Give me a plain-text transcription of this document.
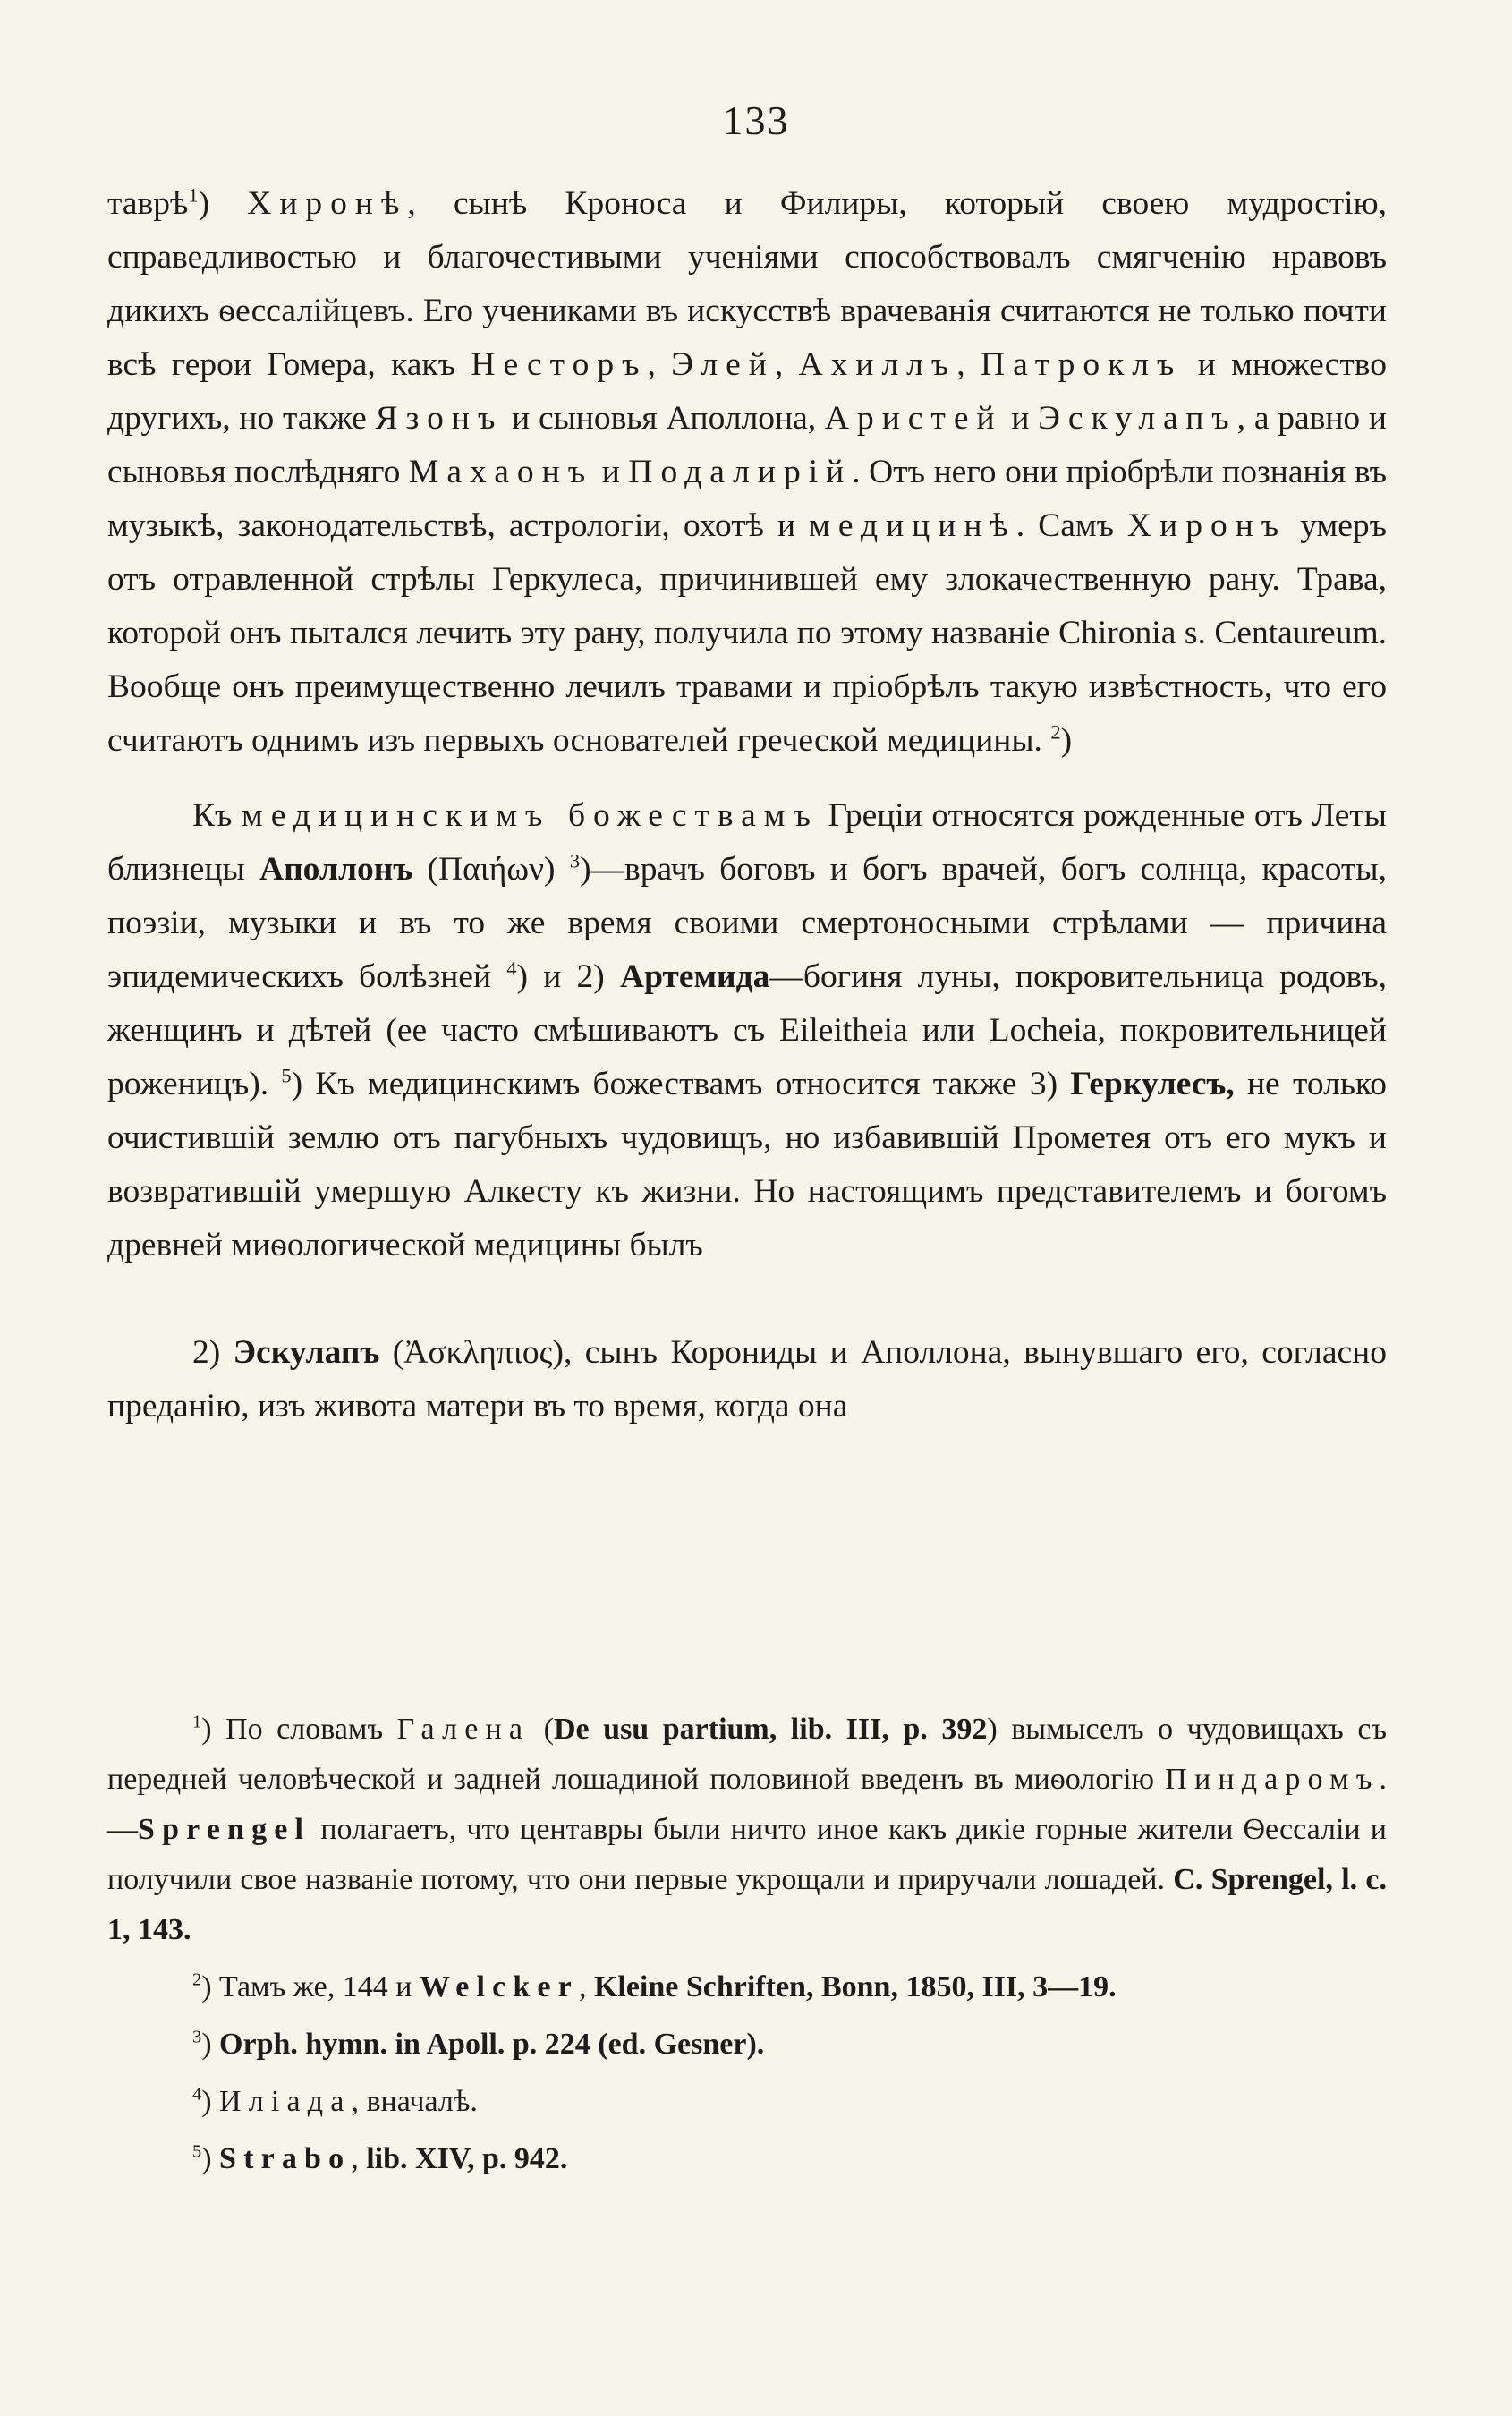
133

таврѣ$^1$) Хиронѣ, сынѣ Кроноса и Филиры, который своею мудростiю, справедливостью и благочестивыми ученiями способствовалъ смягченiю нравовъ дикихъ ѳессалiйцевъ. Его учениками въ искусствѣ врачеванiя считаются не только почти всѣ герои Гомера, какъ Несторъ, Элей, Ахиллъ, Патроклъ и множество другихъ, но также Язонъ и сыновья Аполлона, Аристей и Эскулапъ, а равно и сыновья послѣдняго Махаонъ и Подалирiй. Отъ него они прiобрѣли познанiя въ музыкѣ, законодательствѣ, астрологiи, охотѣ и медицинѣ. Самъ Хиронъ умеръ отъ отравленной стрѣлы Геркулеса, причинившей ему злокачественную рану. Трава, которой онъ пытался лечить эту рану, получила по этому названiе Chironia s. Centaureum. Вообще онъ преимущественно лечилъ травами и прiобрѣлъ такую извѣстность, что его считаютъ однимъ изъ первыхъ основателей греческой медицины. $^2$)

Къ медицинскимъ божествамъ Грецiи относятся рожденные отъ Леты близнецы Аполлонъ (Παιήων) $^3$)—врачъ боговъ и богъ врачей, богъ солнца, красоты, поэзiи, музыки и въ то же время своими смертоносными стрѣлами — причина эпидемическихъ болѣзней $^4$) и 2) Артемида—богиня луны, покровительница родовъ, женщинъ и дѣтей (ее часто смѣшиваютъ съ Eileitheia или Locheia, покровительницей роженицъ). $^5$) Къ медицинскимъ божествамъ относится также 3) Геркулесъ, не только очистившiй землю отъ пагубныхъ чудовищъ, но избавившiй Прометея отъ его мукъ и возвратившiй умершую Алкесту къ жизни. Но настоящимъ представителемъ и богомъ древней миѳологической медицины былъ

2) Эскулапъ (Ἀσκληπιος), сынъ Корониды и Аполлона, вынувшаго его, согласно преданiю, изъ живота матери въ то время, когда она

$^1$) По словамъ Галена (De usu partium, lib. III, p. 392) вымыселъ о чудовищахъ съ передней человѣческой и задней лошадиной половиной введенъ въ миѳологiю Пиндаромъ.—Sprengel полагаетъ, что центавры были ничто иное какъ дикiе горные жители Ѳессалiи и получили свое названiе потому, что они первые укрощали и приручали лошадей. C. Sprengel, l. c. 1, 143.

$^2$) Тамъ же, 144 и Welcker, Kleine Schriften, Bonn, 1850, III, 3—19.

$^3$) Orph. hymn. in Apoll. p. 224 (ed. Gesner).

$^4$) Илiада, вначалѣ.

$^5$) Strabo, lib. XIV, p. 942.
